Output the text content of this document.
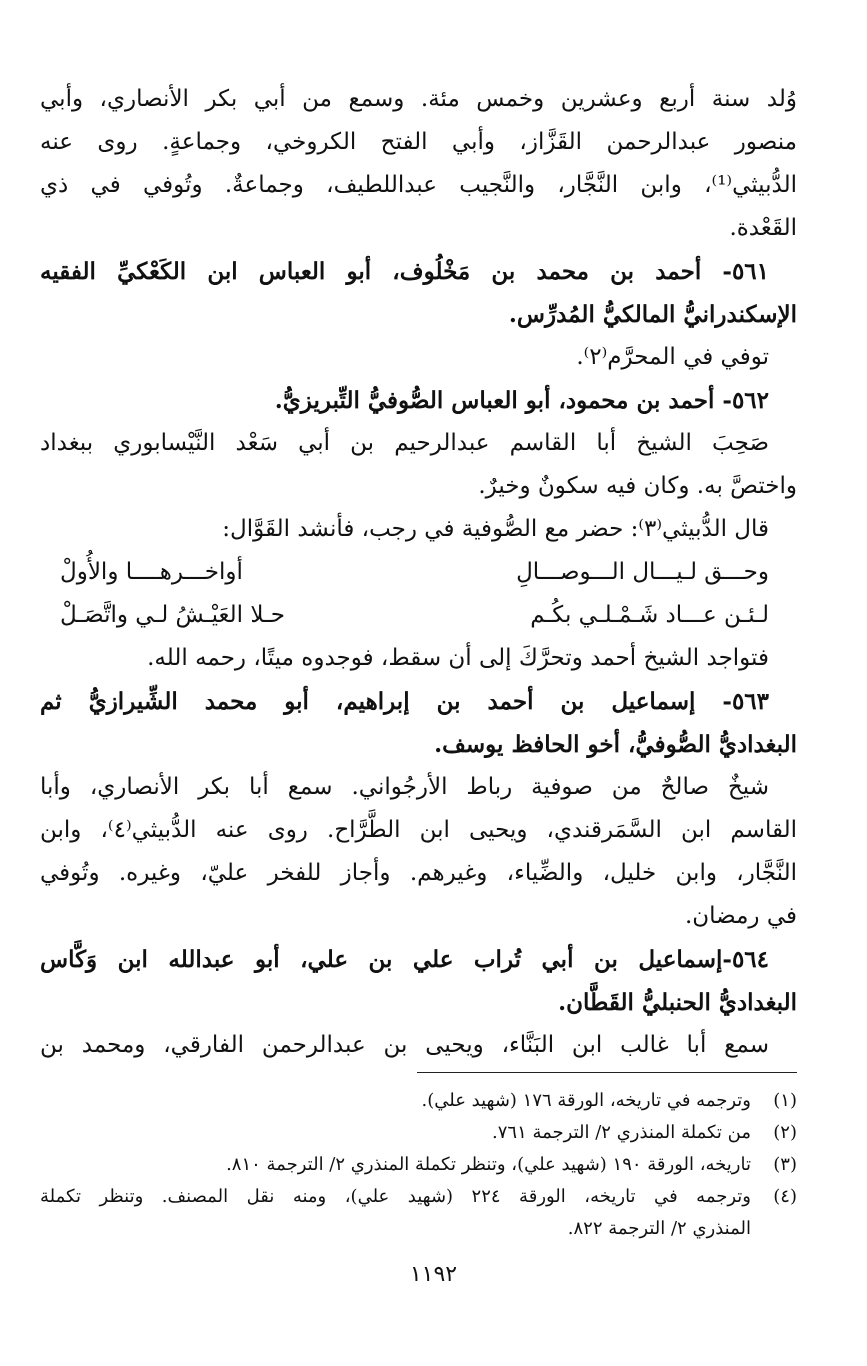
وُلد سنة أربع وعشرين وخمس مئة. وسمع من أبي بكر الأنصاري، وأبي
منصور عبدالرحمن القَزَّاز، وأبي الفتح الكروخي، وجماعةٍ. روى عنه
الدُّبيثي⁽¹⁾، وابن النَّجَّار، والنَّجيب عبداللطيف، وجماعةٌ. وتُوفي في ذي
القَعْدة.
٥٦١- أحمد بن محمد بن مَخْلُوف، أبو العباس ابن الكَعْكيِّ الفقيه
الإسكندرانيُّ المالكيُّ المُدرِّس.
توفي في المحرَّم⁽٢⁾.
٥٦٢- أحمد بن محمود، أبو العباس الصُّوفيُّ التِّبريزيُّ.
صَحِبَ الشيخ أبا القاسم عبدالرحيم بن أبي سَعْد النَّيْسابوري ببغداد
واختصَّ به. وكان فيه سكونٌ وخيرٌ.
قال الدُّبيثي⁽٣⁾: حضر مع الصُّوفية في رجب، فأنشد القَوَّال:
وحـــق لـيـــال الـــوصـــالِ
أواخـــرهــــا والأُولْ
لـئـن عـــاد شَـمْـلـي بكُـم
حـلا العَيْـشُ لـي واتَّصَـلْ
فتواجد الشيخ أحمد وتحرَّكَ إلى أن سقط، فوجدوه ميتًا، رحمه الله.
٥٦٣- إسماعيل بن أحمد بن إبراهيم، أبو محمد الشِّيرازيُّ ثم
البغداديُّ الصُّوفيُّ، أخو الحافظ يوسف.
شيخٌ صالحٌ من صوفية رباط الأرجُواني. سمع أبا بكر الأنصاري، وأبا
القاسم ابن السَّمَرقندي، ويحيى ابن الطَّرَّاح. روى عنه الدُّبيثي⁽٤⁾، وابن
النَّجَّار، وابن خليل، والضِّياء، وغيرهم. وأجاز للفخر عليّ، وغيره. وتُوفي
في رمضان.
٥٦٤-إسماعيل بن أبي تُراب علي بن علي، أبو عبدالله ابن وَكَّاس
البغداديُّ الحنبليُّ القَطَّان.
سمع أبا غالب ابن البَنَّاء، ويحيى بن عبدالرحمن الفارقي، ومحمد بن
(١)
وترجمه في تاريخه، الورقة ١٧٦ (شهيد علي).
(٢)
من تكملة المنذري ٢/ الترجمة ٧٦١.
(٣)
تاريخه، الورقة ١٩٠ (شهيد علي)، وتنظر تكملة المنذري ٢/ الترجمة ٨١٠.
(٤)
وترجمه في تاريخه، الورقة ٢٢٤ (شهيد علي)، ومنه نقل المصنف. وتنظر تكملة
المنذري ٢/ الترجمة ٨٢٢.
١١٩٢
